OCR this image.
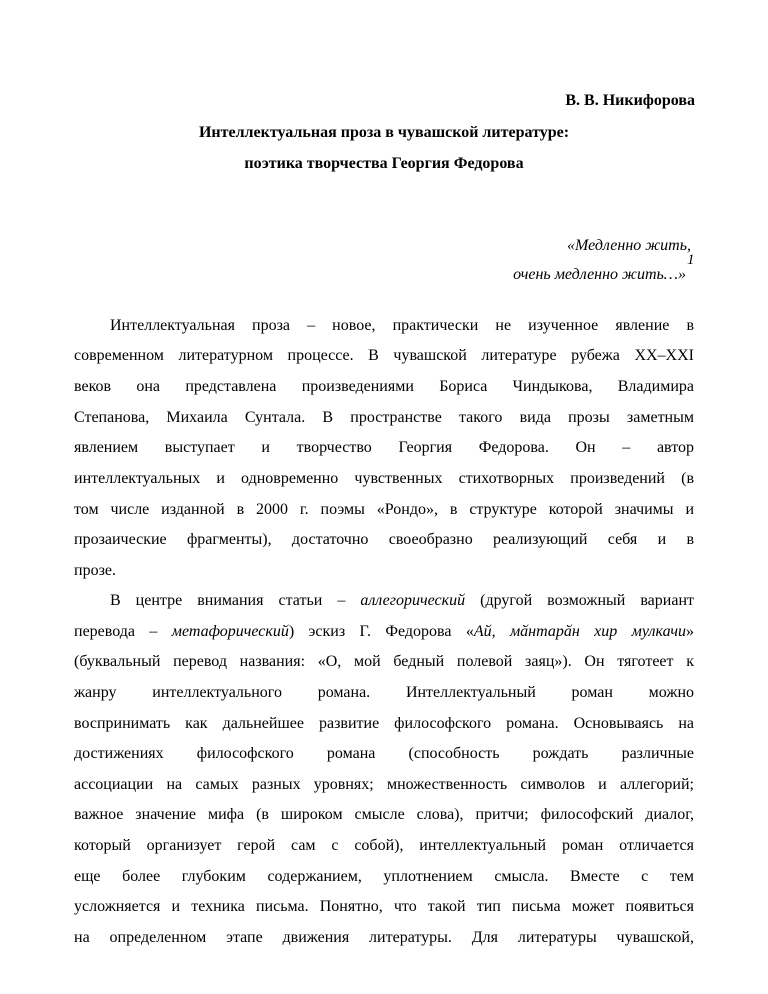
В. В. Никифорова
Интеллектуальная проза в чувашской литературе:
поэтика творчества Георгия Федорова
«Медленно жить,
очень медленно жить…»
1
Интеллектуальная проза – новое, практически не изученное явление в
современном литературном процессе. В чувашской литературе рубежа XX–XXI
веков она представлена произведениями Бориса Чиндыкова, Владимира
Степанова, Михаила Сунтала. В пространстве такого вида прозы заметным
явлением выступает и творчество Георгия Федорова. Он – автор
интеллектуальных и одновременно чувственных стихотворных произведений (в
том числе изданной в 2000 г. поэмы «Рондо», в структуре которой значимы и
прозаические фрагменты), достаточно своеобразно реализующий себя и в
прозе.
В центре внимания статьи – аллегорический (другой возможный вариант
перевода – метафорический) эскиз Г. Федорова «Ай, мӑнтарӑн хир мулкачи»
(буквальный перевод названия: «О, мой бедный полевой заяц»). Он тяготеет к
жанру интеллектуального романа. Интеллектуальный роман можно
воспринимать как дальнейшее развитие философского романа. Основываясь на
достижениях философского романа (способность рождать различные
ассоциации на самых разных уровнях; множественность символов и аллегорий;
важное значение мифа (в широком смысле слова), притчи; философский диалог,
который организует герой сам с собой), интеллектуальный роман отличается
еще более глубоким содержанием, уплотнением смысла. Вместе с тем
усложняется и техника письма. Понятно, что такой тип письма может появиться
на определенном этапе движения литературы. Для литературы чувашской,
